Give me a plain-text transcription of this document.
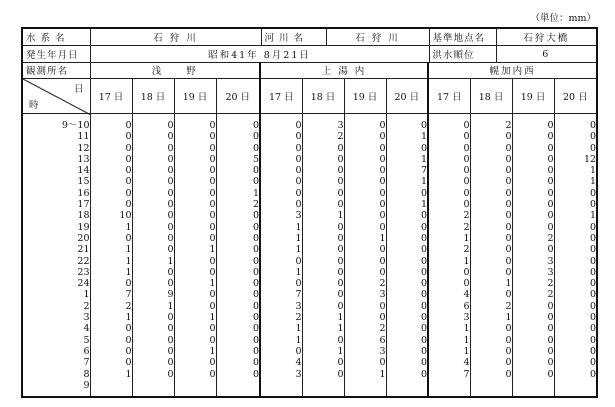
（単位：mm）
水 系 名	石 狩 川	河 川 名	石 狩 川	基準地点名	石狩大橋
発生年月日	昭和41年 8月21日			洪水順位	6
観測所名	浅　　野				上 湯 内				幌加内西			

日
時	17 日	18 日	19 日	20 日	17 日	18 日	19 日	20 日	17 日	18 日	19 日	20 日
9〜10	0	0	0	0	0	3	0	0	0	2	0	0
11	0	0	0	0	0	2	0	1	0	0	0	0
12	0	0	0	0	0	0	0	0	0	0	0	0
13	0	0	0	5	0	0	0	1	0	0	0	12
14	0	0	0	0	0	0	0	7	0	0	0	1
15	0	0	0	0	0	0	0	1	0	0	0	1
16	0	0	0	1	0	0	0	0	0	0	0	0
17	0	0	0	2	0	0	0	1	0	0	0	0
18	10	0	0	0	3	1	0	0	2	0	0	1
19	1	0	0	0	1	0	0	0	2	0	0	0
20	0	0	0	0	1	0	1	0	1	0	2	0
21	1	0	1	0	1	0	0	0	2	0	0	0
22	1	1	0	0	0	0	0	0	1	0	3	0
23	1	0	0	0	1	0	0	0	0	0	3	0
24	0	0	1	0	0	0	2	0	0	1	2	0
1	7	9	0	0	7	0	3	0	4	0	2	0
2	2	1	0	0	3	0	0	0	6	2	0	0
3	1	0	1	0	2	1	0	0	3	1	0	0
4	0	0	0	0	1	1	2	0	1	0	0	0
5	0	0	0	0	1	0	6	0	1	0	0	0
6	0	0	1	0	0	1	3	0	1	0	0	0
7	0	0	0	0	4	0	0	0	4	0	0	0
8	1	0	0	0	3	0	1	0	7	0	0	0
9												
